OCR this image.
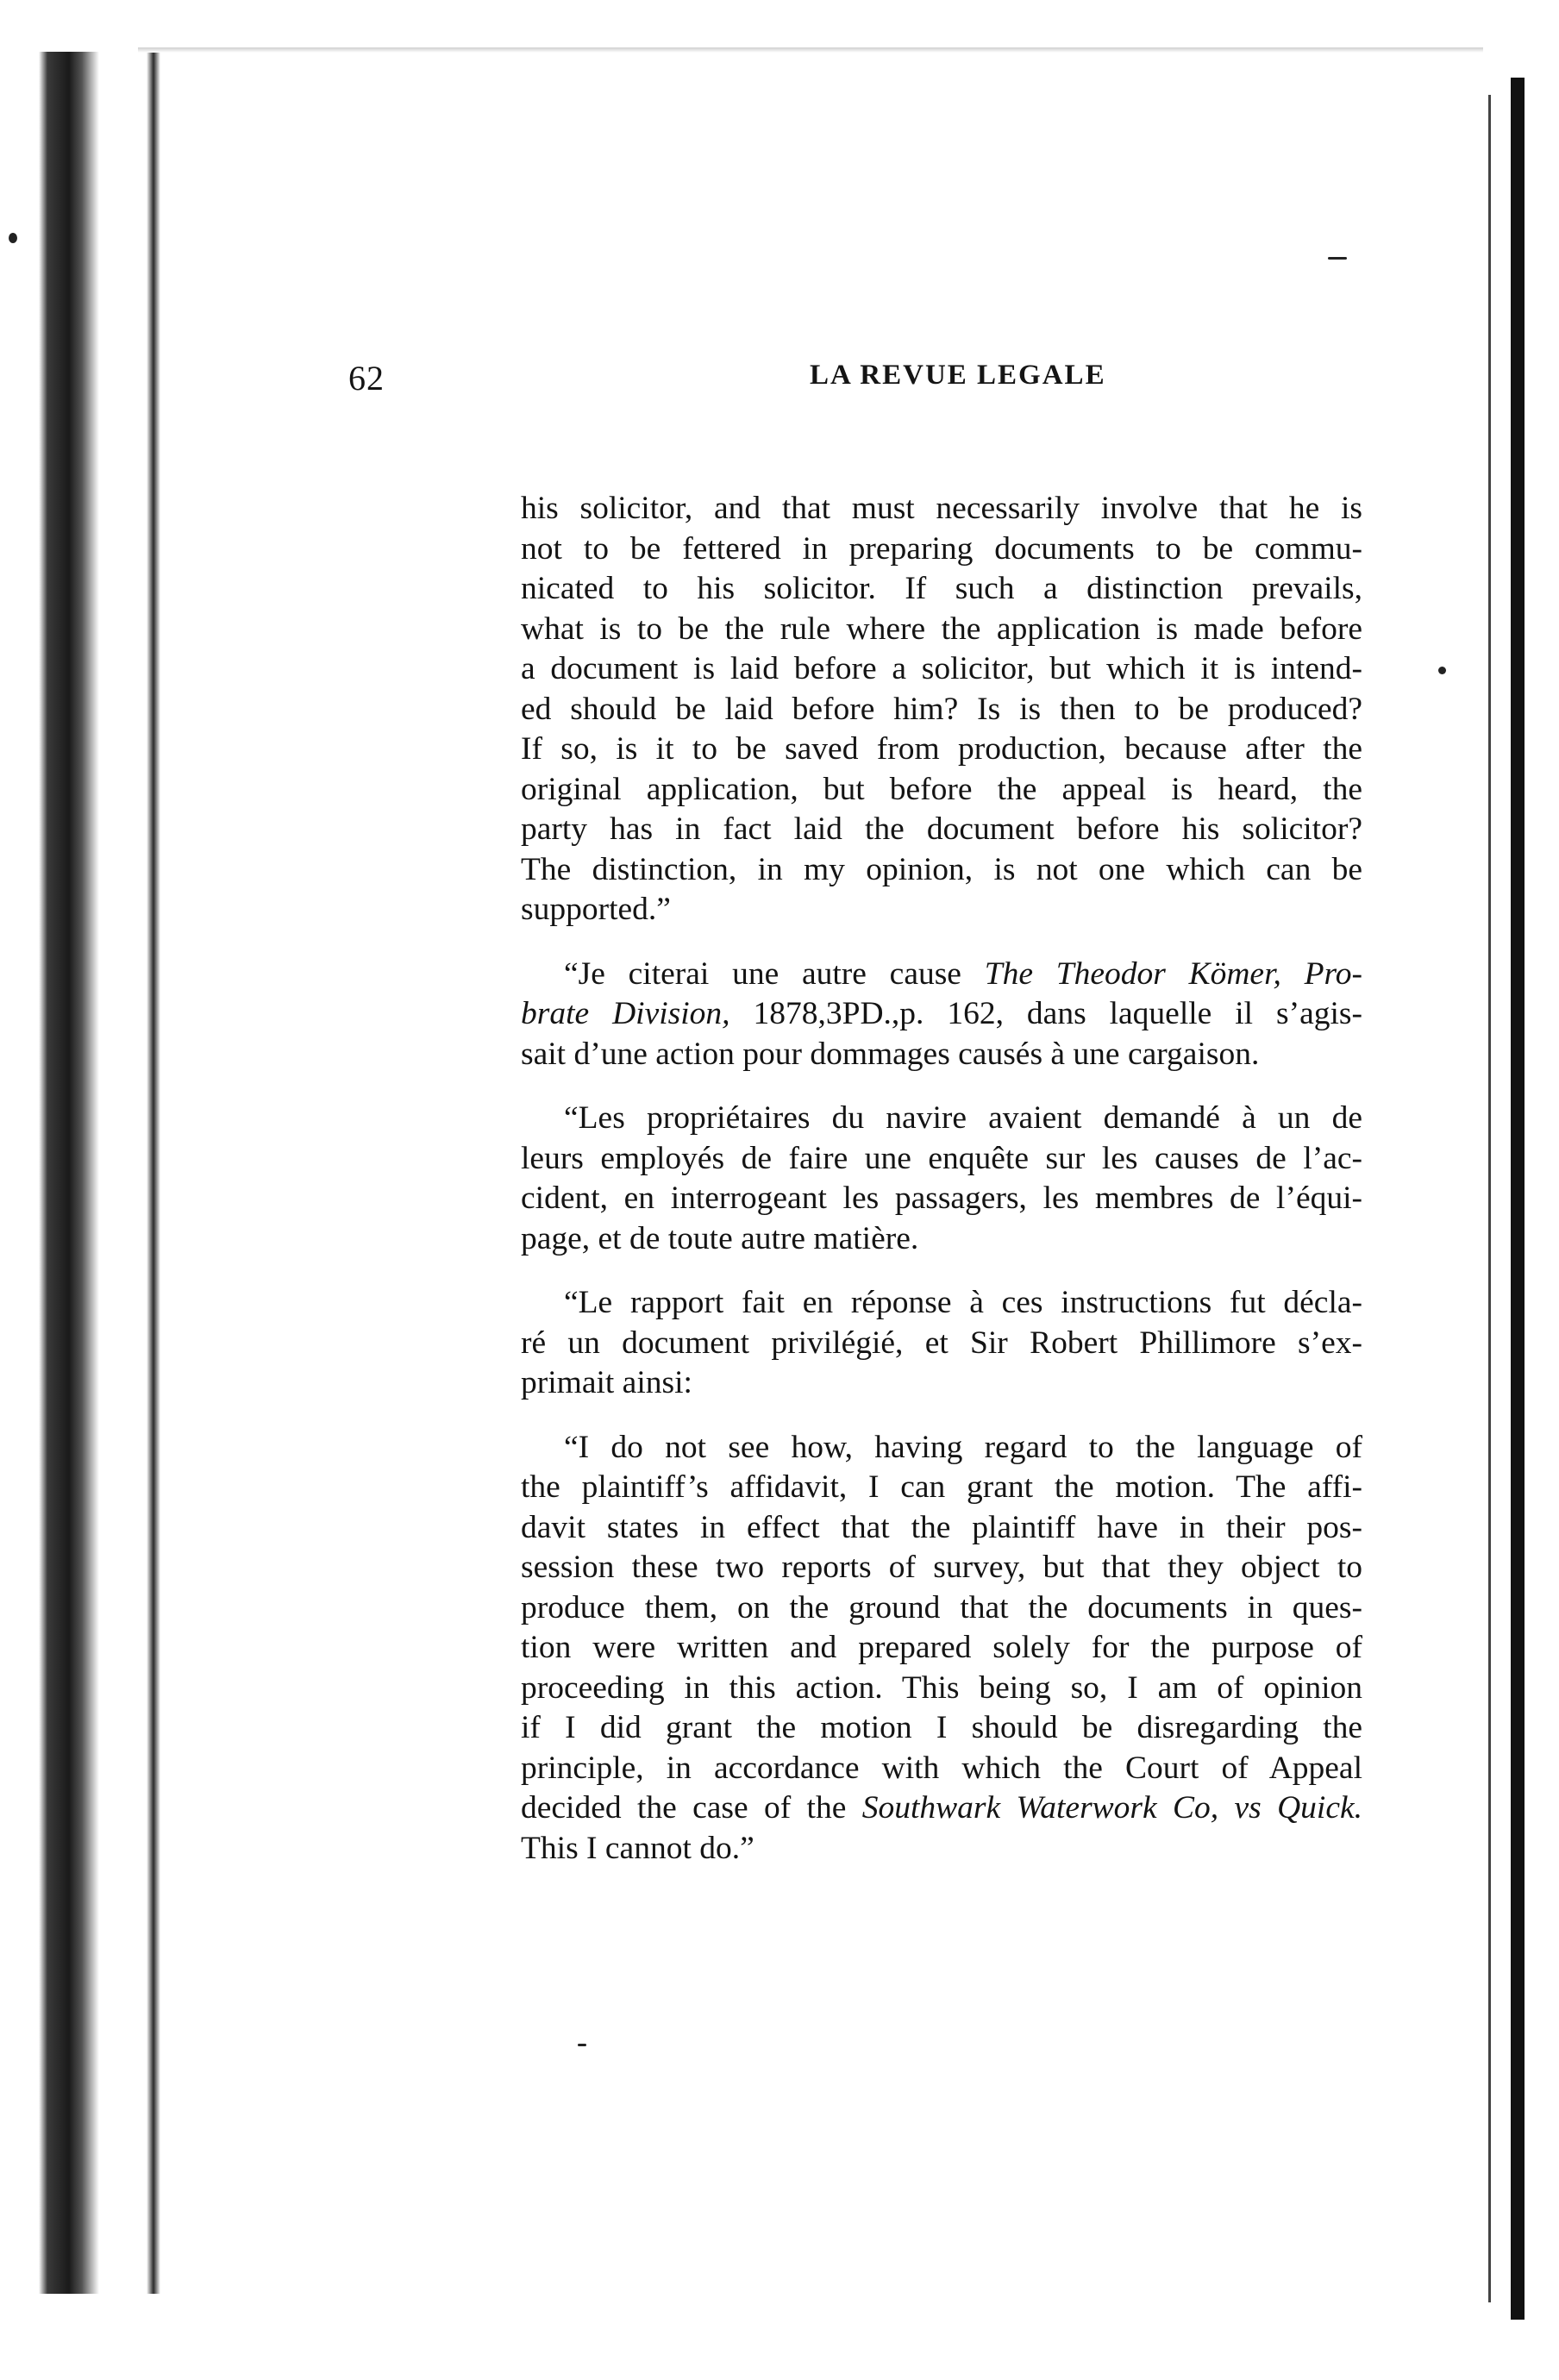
62	LA REVUE LEGALE
his solicitor, and that must necessarily involve that he is
not to be fettered in preparing documents to be commu-
nicated to his solicitor. If such a distinction prevails,
what is to be the rule where the application is made before
a document is laid before a solicitor, but which it is intend-
ed should be laid before him? Is is then to be produced?
If so, is it to be saved from production, because after the
original application, but before the appeal is heard, the
party has in fact laid the document before his solicitor?
The distinction, in my opinion, is not one which can be
supported.”
“Je citerai une autre cause The Theodor Kömer, Pro-
brate Division, 1878,3PD.,p. 162, dans laquelle il s’agis-
sait d’une action pour dommages causés à une cargaison.
“Les propriétaires du navire avaient demandé à un de
leurs employés de faire une enquête sur les causes de l’ac-
cident, en interrogeant les passagers, les membres de l’équi-
page, et de toute autre matière.
“Le rapport fait en réponse à ces instructions fut décla-
ré un document privilégié, et Sir Robert Phillimore s’ex-
primait ainsi:
“I do not see how, having regard to the language of
the plaintiff’s affidavit, I can grant the motion. The affi-
davit states in effect that the plaintiff have in their pos-
session these two reports of survey, but that they object to
produce them, on the ground that the documents in ques-
tion were written and prepared solely for the purpose of
proceeding in this action. This being so, I am of opinion
if I did grant the motion I should be disregarding the
principle, in accordance with which the Court of Appeal
decided the case of the Southwark Waterwork Co, vs Quick.
This I cannot do.”
